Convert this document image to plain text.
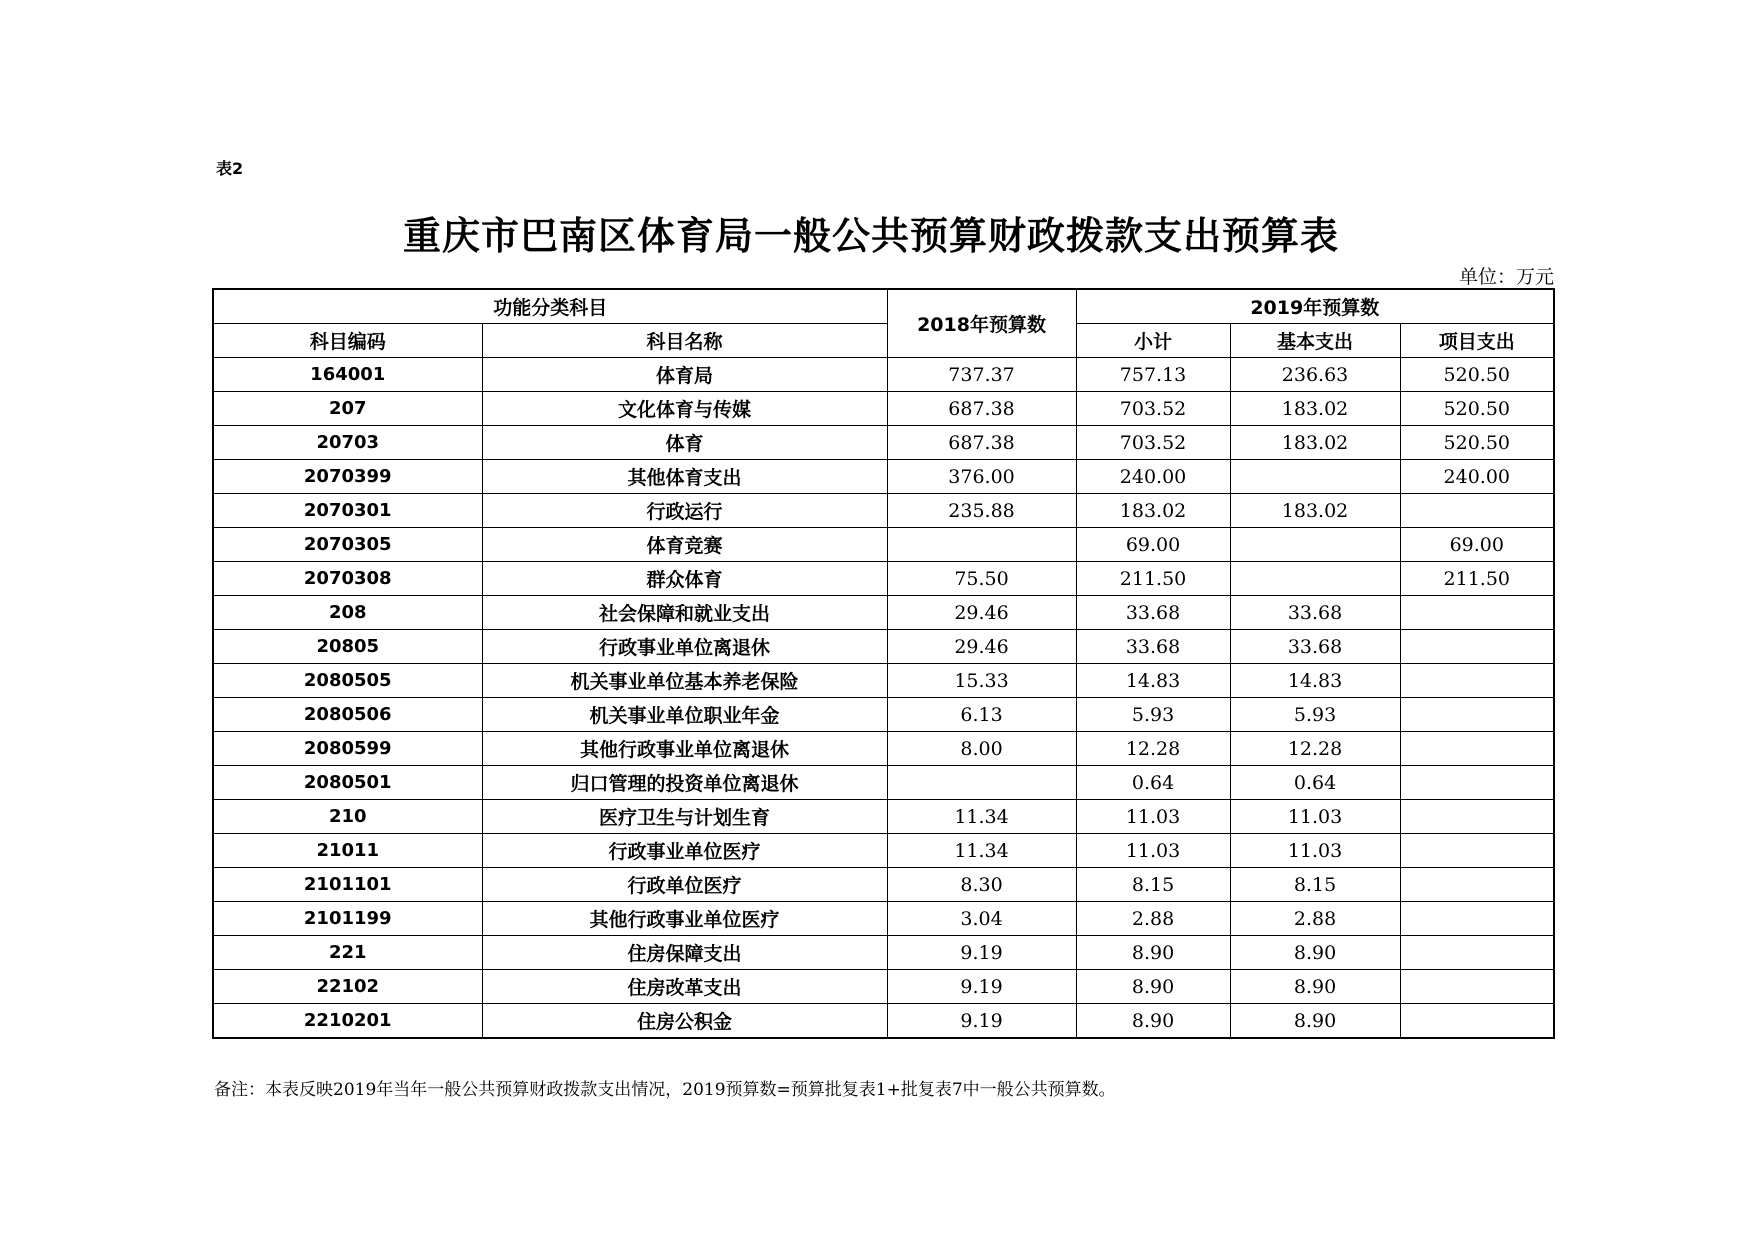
表2
重庆市巴南区体育局一般公共预算财政拨款支出预算表
单位：万元
功能分类科目		2018年预算数	2019年预算数		
科目编码	科目名称		小计	基本支出	项目支出
164001	体育局	737.37	757.13	236.63	520.50
207	文化体育与传媒	687.38	703.52	183.02	520.50
20703	体育	687.38	703.52	183.02	520.50
2070399	其他体育支出	376.00	240.00		240.00
2070301	行政运行	235.88	183.02	183.02	
2070305	体育竞赛		69.00		69.00
2070308	群众体育	75.50	211.50		211.50
208	社会保障和就业支出	29.46	33.68	33.68	
20805	行政事业单位离退休	29.46	33.68	33.68	
2080505	机关事业单位基本养老保险	15.33	14.83	14.83	
2080506	机关事业单位职业年金	6.13	5.93	5.93	
2080599	其他行政事业单位离退休	8.00	12.28	12.28	
2080501	归口管理的投资单位离退休		0.64	0.64	
210	医疗卫生与计划生育	11.34	11.03	11.03	
21011	行政事业单位医疗	11.34	11.03	11.03	
2101101	行政单位医疗	8.30	8.15	8.15	
2101199	其他行政事业单位医疗	3.04	2.88	2.88	
221	住房保障支出	9.19	8.90	8.90	
22102	住房改革支出	9.19	8.90	8.90	
2210201	住房公积金	9.19	8.90	8.90	
备注：本表反映2019年当年一般公共预算财政拨款支出情况，2019预算数=预算批复表1+批复表7中一般公共预算数。
